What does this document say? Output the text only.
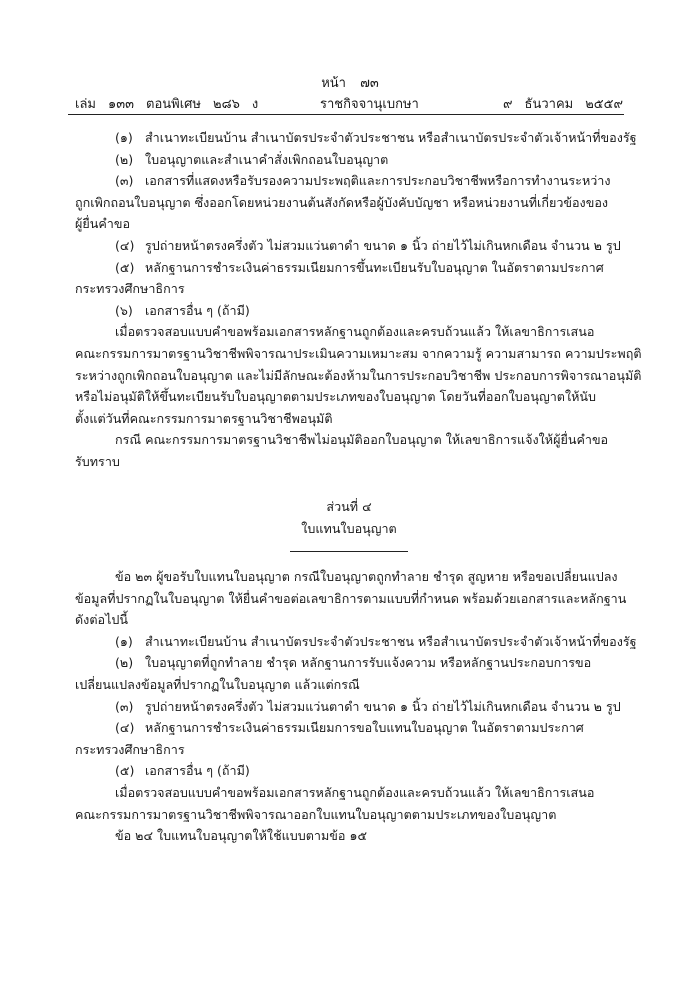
หน้า ๗๓
เล่ม ๑๓๓ ตอนพิเศษ ๒๘๖ ง	ราชกิจจานุเบกษา	๙ ธันวาคม ๒๕๕๙
(๑) สำเนาทะเบียนบ้าน สำเนาบัตรประจำตัวประชาชน หรือสำเนาบัตรประจำตัวเจ้าหน้าที่ของรัฐ
(๒) ใบอนุญาตและสำเนาคำสั่งเพิกถอนใบอนุญาต
(๓) เอกสารที่แสดงหรือรับรองความประพฤติและการประกอบวิชาชีพหรือการทำงานระหว่าง
ถูกเพิกถอนใบอนุญาต ซึ่งออกโดยหน่วยงานต้นสังกัดหรือผู้บังคับบัญชา หรือหน่วยงานที่เกี่ยวข้องของ
ผู้ยื่นคำขอ
(๔) รูปถ่ายหน้าตรงครึ่งตัว ไม่สวมแว่นตาดำ ขนาด ๑ นิ้ว ถ่ายไว้ไม่เกินหกเดือน จำนวน ๒ รูป
(๕) หลักฐานการชำระเงินค่าธรรมเนียมการขึ้นทะเบียนรับใบอนุญาต ในอัตราตามประกาศ
กระทรวงศึกษาธิการ
(๖) เอกสารอื่น ๆ (ถ้ามี)
เมื่อตรวจสอบแบบคำขอพร้อมเอกสารหลักฐานถูกต้องและครบถ้วนแล้ว ให้เลขาธิการเสนอ
คณะกรรมการมาตรฐานวิชาชีพพิจารณาประเมินความเหมาะสม จากความรู้ ความสามารถ ความประพฤติ
ระหว่างถูกเพิกถอนใบอนุญาต และไม่มีลักษณะต้องห้ามในการประกอบวิชาชีพ ประกอบการพิจารณาอนุมัติ
หรือไม่อนุมัติให้ขึ้นทะเบียนรับใบอนุญาตตามประเภทของใบอนุญาต โดยวันที่ออกใบอนุญาตให้นับ
ตั้งแต่วันที่คณะกรรมการมาตรฐานวิชาชีพอนุมัติ
กรณี คณะกรรมการมาตรฐานวิชาชีพไม่อนุมัติออกใบอนุญาต ให้เลขาธิการแจ้งให้ผู้ยื่นคำขอ
รับทราบ
ส่วนที่ ๔
ใบแทนใบอนุญาต
ข้อ ๒๓ ผู้ขอรับใบแทนใบอนุญาต กรณีใบอนุญาตถูกทำลาย ชำรุด สูญหาย หรือขอเปลี่ยนแปลง
ข้อมูลที่ปรากฏในใบอนุญาต ให้ยื่นคำขอต่อเลขาธิการตามแบบที่กำหนด พร้อมด้วยเอกสารและหลักฐาน
ดังต่อไปนี้
(๑) สำเนาทะเบียนบ้าน สำเนาบัตรประจำตัวประชาชน หรือสำเนาบัตรประจำตัวเจ้าหน้าที่ของรัฐ
(๒) ใบอนุญาตที่ถูกทำลาย ชำรุด หลักฐานการรับแจ้งความ หรือหลักฐานประกอบการขอ
เปลี่ยนแปลงข้อมูลที่ปรากฏในใบอนุญาต แล้วแต่กรณี
(๓) รูปถ่ายหน้าตรงครึ่งตัว ไม่สวมแว่นตาดำ ขนาด ๑ นิ้ว ถ่ายไว้ไม่เกินหกเดือน จำนวน ๒ รูป
(๔) หลักฐานการชำระเงินค่าธรรมเนียมการขอใบแทนใบอนุญาต ในอัตราตามประกาศ
กระทรวงศึกษาธิการ
(๕) เอกสารอื่น ๆ (ถ้ามี)
เมื่อตรวจสอบแบบคำขอพร้อมเอกสารหลักฐานถูกต้องและครบถ้วนแล้ว ให้เลขาธิการเสนอ
คณะกรรมการมาตรฐานวิชาชีพพิจารณาออกใบแทนใบอนุญาตตามประเภทของใบอนุญาต
ข้อ ๒๔ ใบแทนใบอนุญาตให้ใช้แบบตามข้อ ๑๕
